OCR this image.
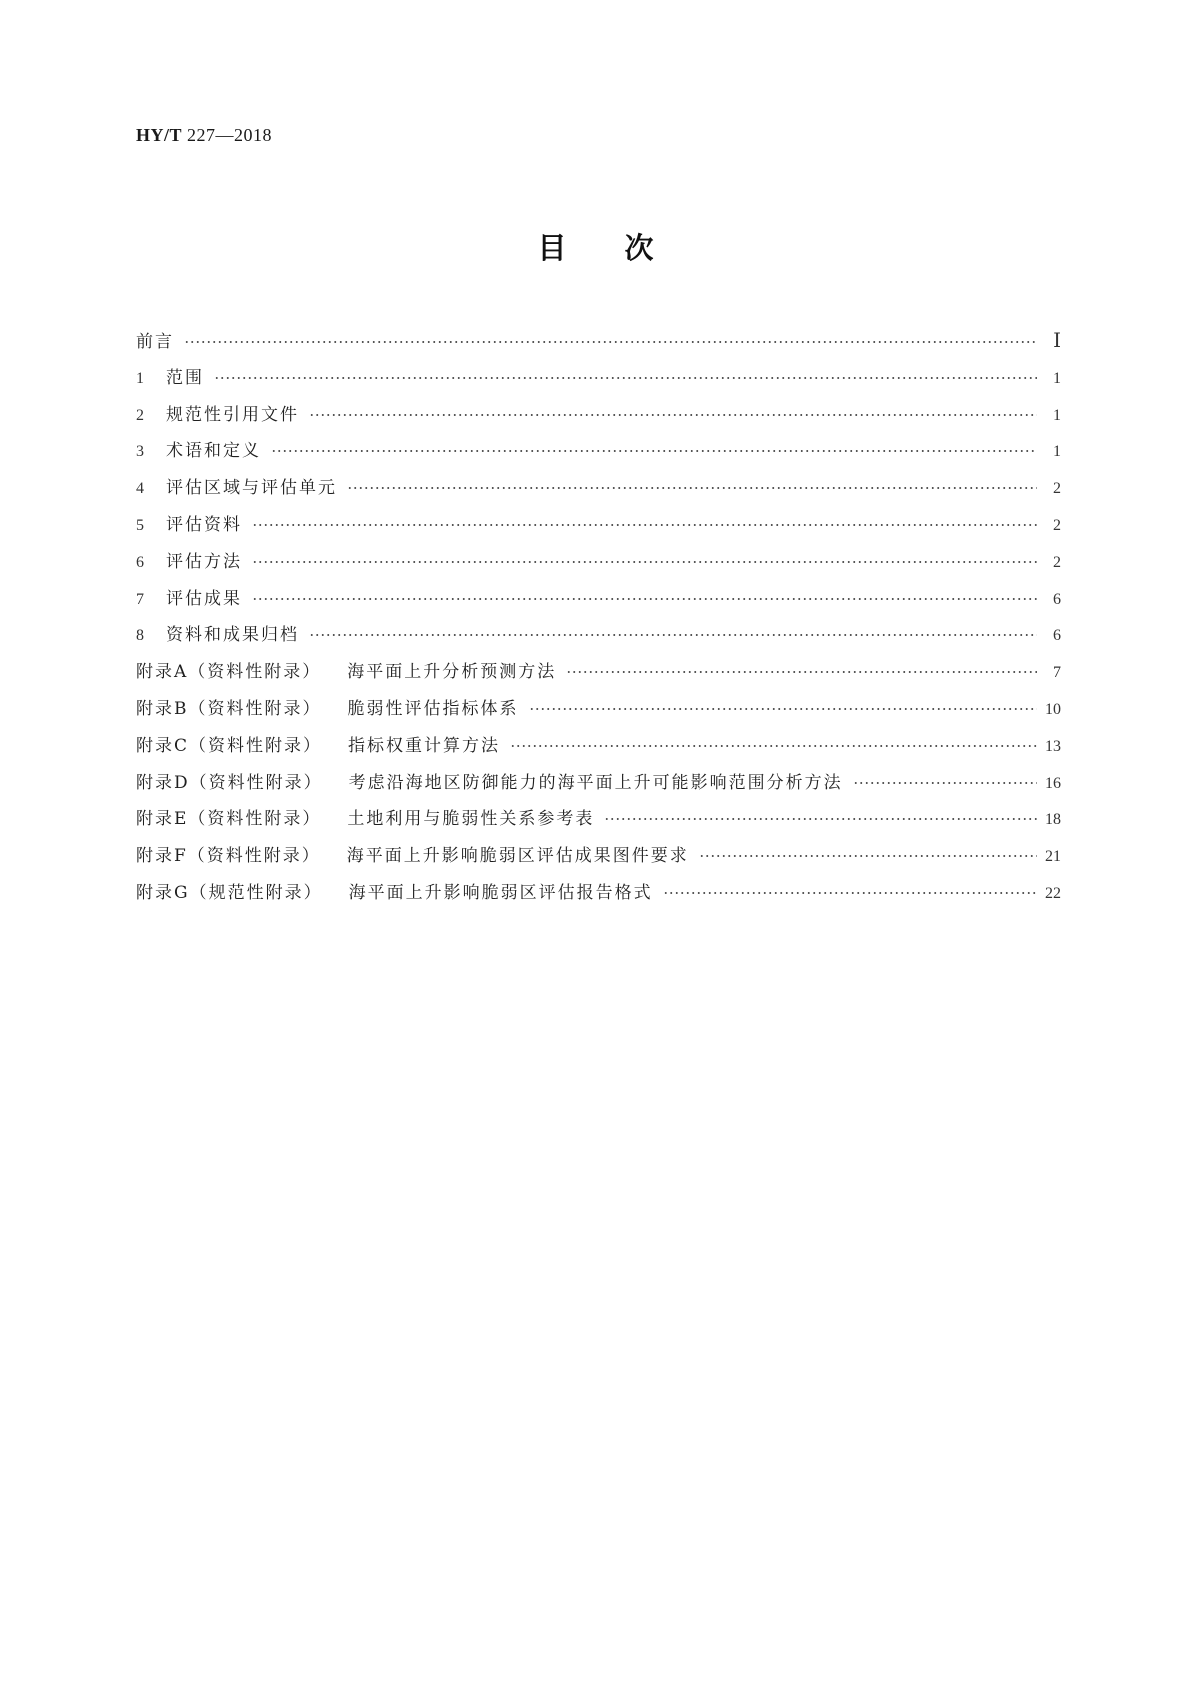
HY/T 227—2018
目次
前言	Ⅰ
1	范围	1
2	规范性引用文件	1
3	术语和定义	1
4	评估区域与评估单元	2
5	评估资料	2
6	评估方法	2
7	评估成果	6
8	资料和成果归档	6
附录A（资料性附录） 海平面上升分析预测方法	7
附录B（资料性附录） 脆弱性评估指标体系	10
附录C（资料性附录） 指标权重计算方法	13
附录D（资料性附录） 考虑沿海地区防御能力的海平面上升可能影响范围分析方法	16
附录E（资料性附录） 土地利用与脆弱性关系参考表	18
附录F（资料性附录） 海平面上升影响脆弱区评估成果图件要求	21
附录G（规范性附录） 海平面上升影响脆弱区评估报告格式	22
